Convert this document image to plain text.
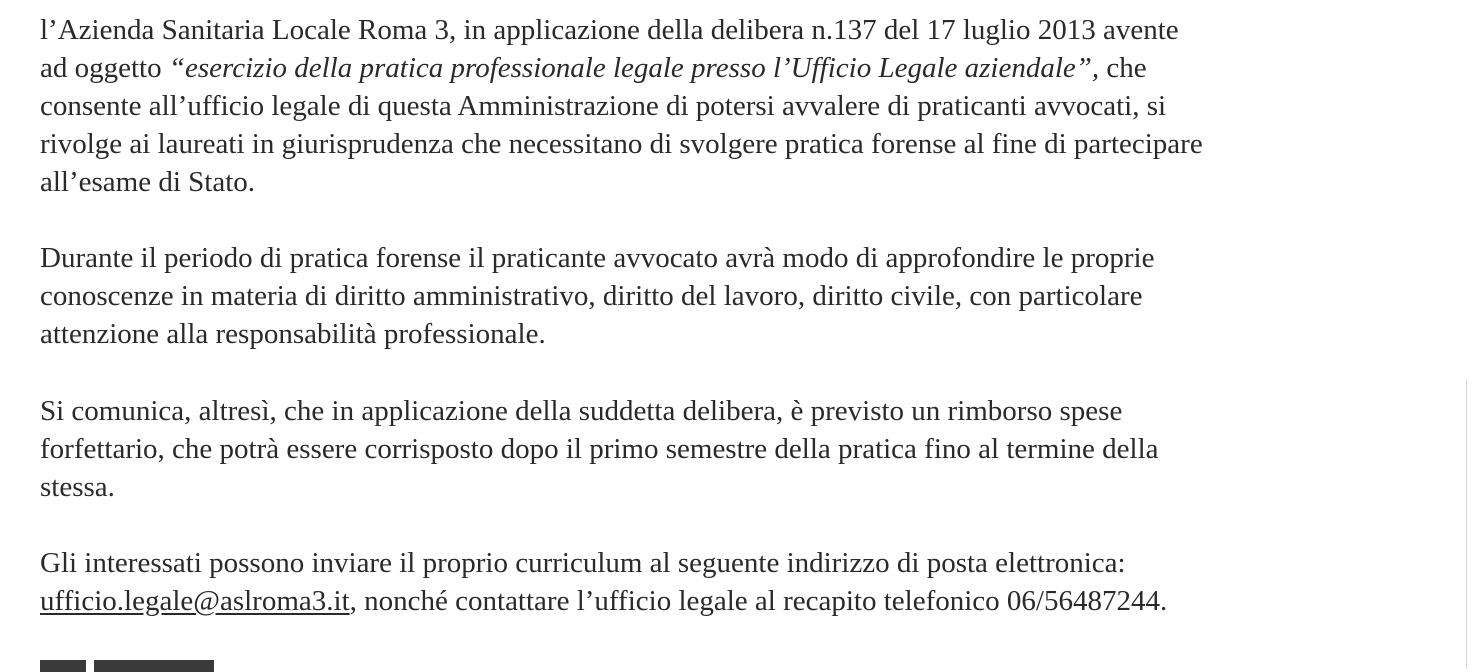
l’Azienda Sanitaria Locale Roma 3, in applicazione della delibera n.137 del 17 luglio 2013 avente
ad oggetto “esercizio della pratica professionale legale presso l’Ufficio Legale aziendale”, che
consente all’ufficio legale di questa Amministrazione di potersi avvalere di praticanti avvocati, si
rivolge ai laureati in giurisprudenza che necessitano di svolgere pratica forense al fine di partecipare
all’esame di Stato.

Durante il periodo di pratica forense il praticante avvocato avrà modo di approfondire le proprie
conoscenze in materia di diritto amministrativo, diritto del lavoro, diritto civile, con particolare
attenzione alla responsabilità professionale.

Si comunica, altresì, che in applicazione della suddetta delibera, è previsto un rimborso spese
forfettario, che potrà essere corrisposto dopo il primo semestre della pratica fino al termine della
stessa.

Gli interessati possono inviare il proprio curriculum al seguente indirizzo di posta elettronica:
ufficio.legale@aslroma3.it, nonché contattare l’ufficio legale al recapito telefonico 06/56487244.
